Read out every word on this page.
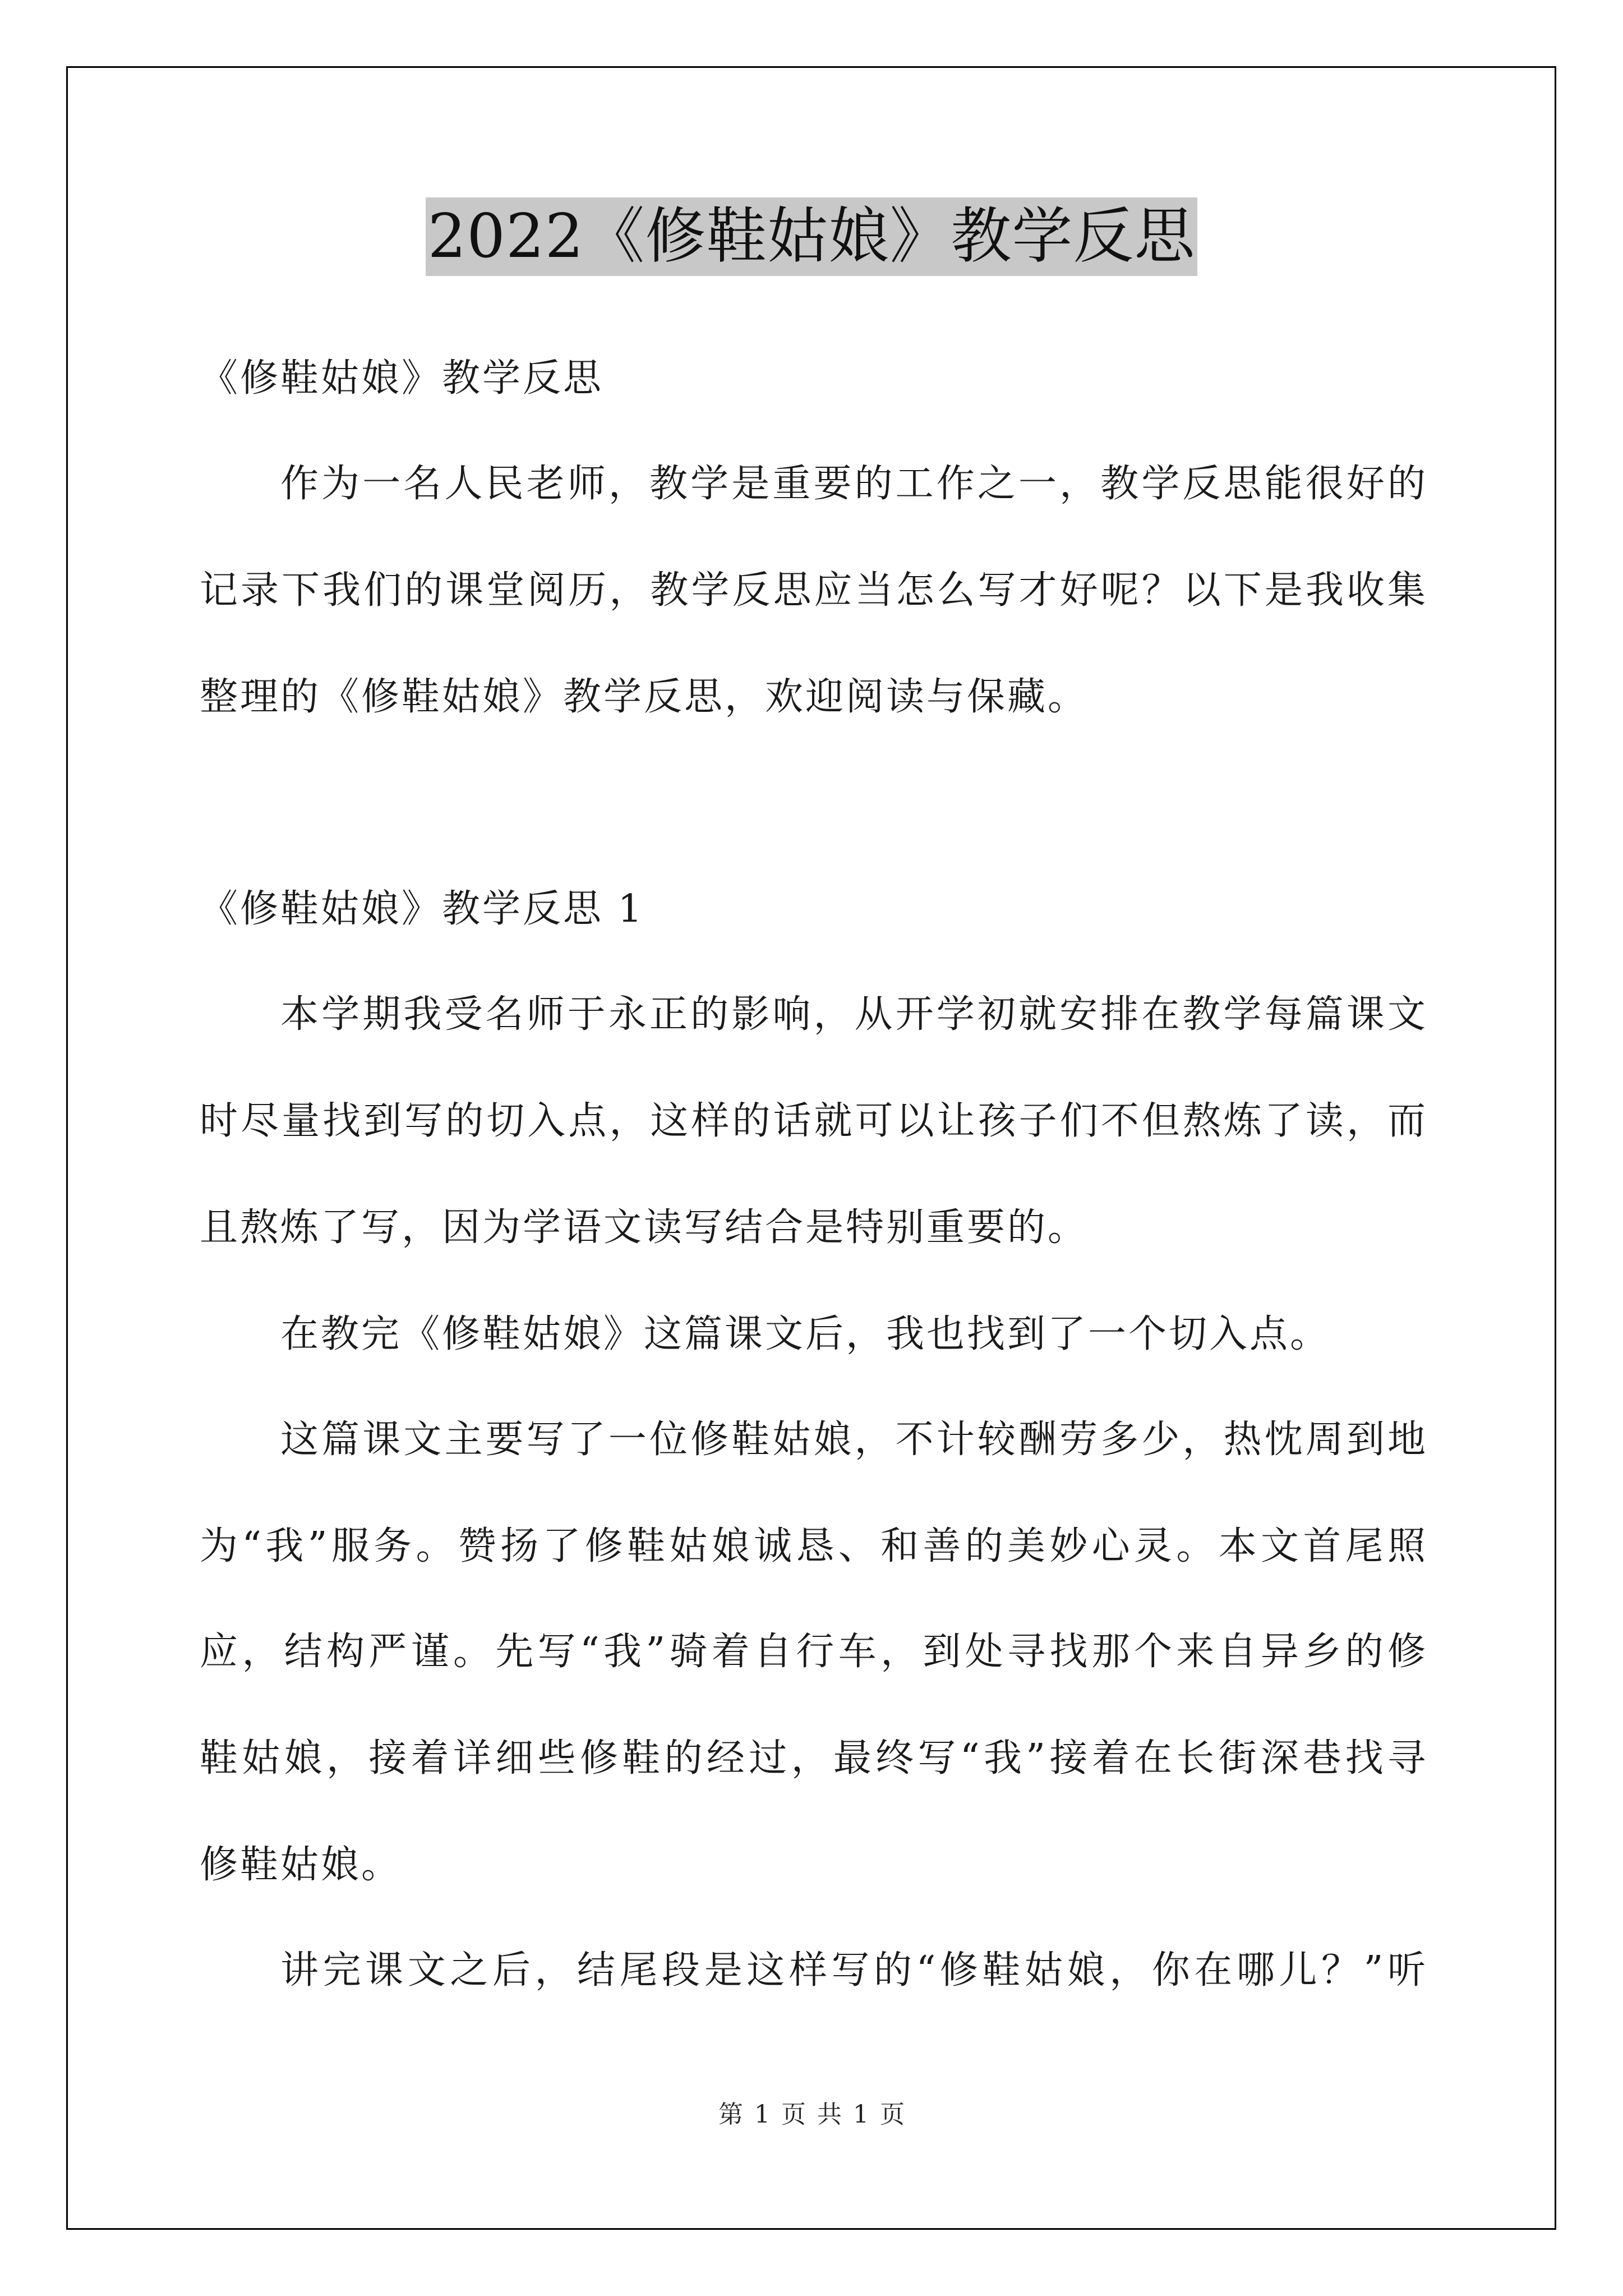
2022《修鞋姑娘》教学反思
《修鞋姑娘》教学反思
作为一名人民老师，教学是重要的工作之一，教学反思能很好的
记录下我们的课堂阅历，教学反思应当怎么写才好呢？以下是我收集
整理的《修鞋姑娘》教学反思，欢迎阅读与保藏。
《修鞋姑娘》教学反思 1
本学期我受名师于永正的影响，从开学初就安排在教学每篇课文
时尽量找到写的切入点，这样的话就可以让孩子们不但熬炼了读，而
且熬炼了写，因为学语文读写结合是特别重要的。
在教完《修鞋姑娘》这篇课文后，我也找到了一个切入点。
这篇课文主要写了一位修鞋姑娘，不计较酬劳多少，热忱周到地
为“我”服务。赞扬了修鞋姑娘诚恳、和善的美妙心灵。本文首尾照
应，结构严谨。先写“我”骑着自行车，到处寻找那个来自异乡的修
鞋姑娘，接着详细些修鞋的经过，最终写“我”接着在长街深巷找寻
修鞋姑娘。
讲完课文之后，结尾段是这样写的“修鞋姑娘，你在哪儿？”听
第 1 页 共 1 页
